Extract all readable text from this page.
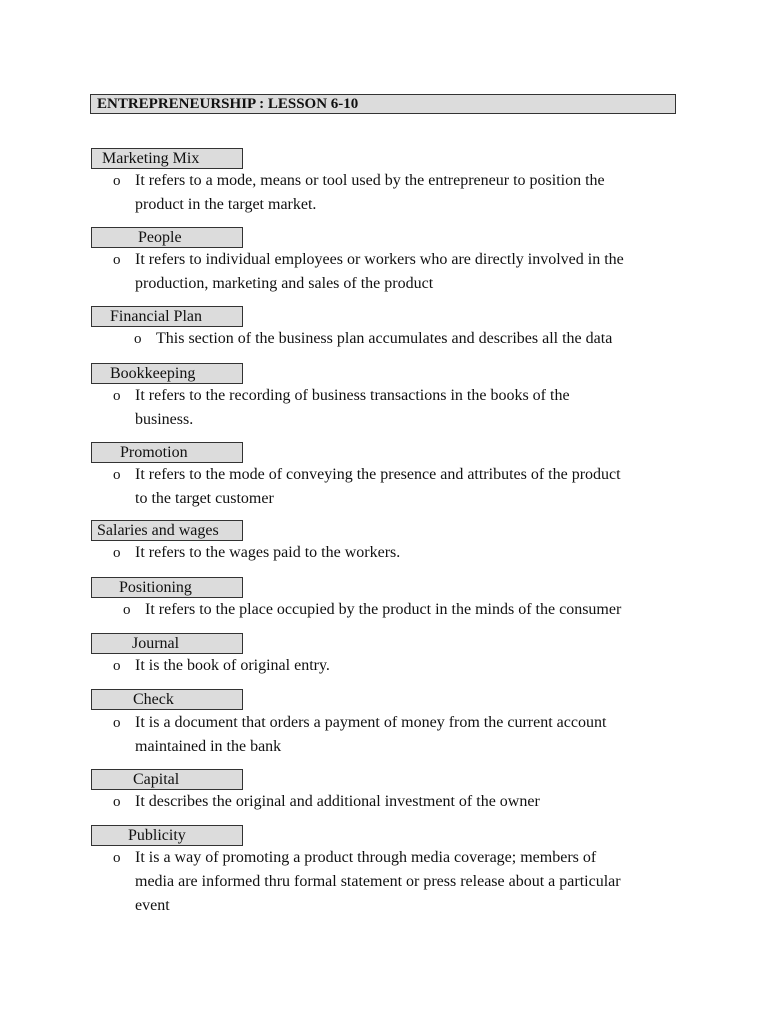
ENTREPRENEURSHIP : LESSON 6-10
Marketing Mix
o It refers to a mode, means or tool used by the entrepreneur to position the
product in the target market.
People
o It refers to individual employees or workers who are directly involved in the
production, marketing and sales of the product
Financial Plan
o This section of the business plan accumulates and describes all the data
Bookkeeping
o It refers to the recording of business transactions in the books of the
business.
Promotion
o It refers to the mode of conveying the presence and attributes of the product
to the target customer
Salaries and wages
o It refers to the wages paid to the workers.
Positioning
o It refers to the place occupied by the product in the minds of the consumer
Journal
o It is the book of original entry.
Check
o It is a document that orders a payment of money from the current account
maintained in the bank
Capital
o It describes the original and additional investment of the owner
Publicity
o It is a way of promoting a product through media coverage; members of
media are informed thru formal statement or press release about a particular
event
